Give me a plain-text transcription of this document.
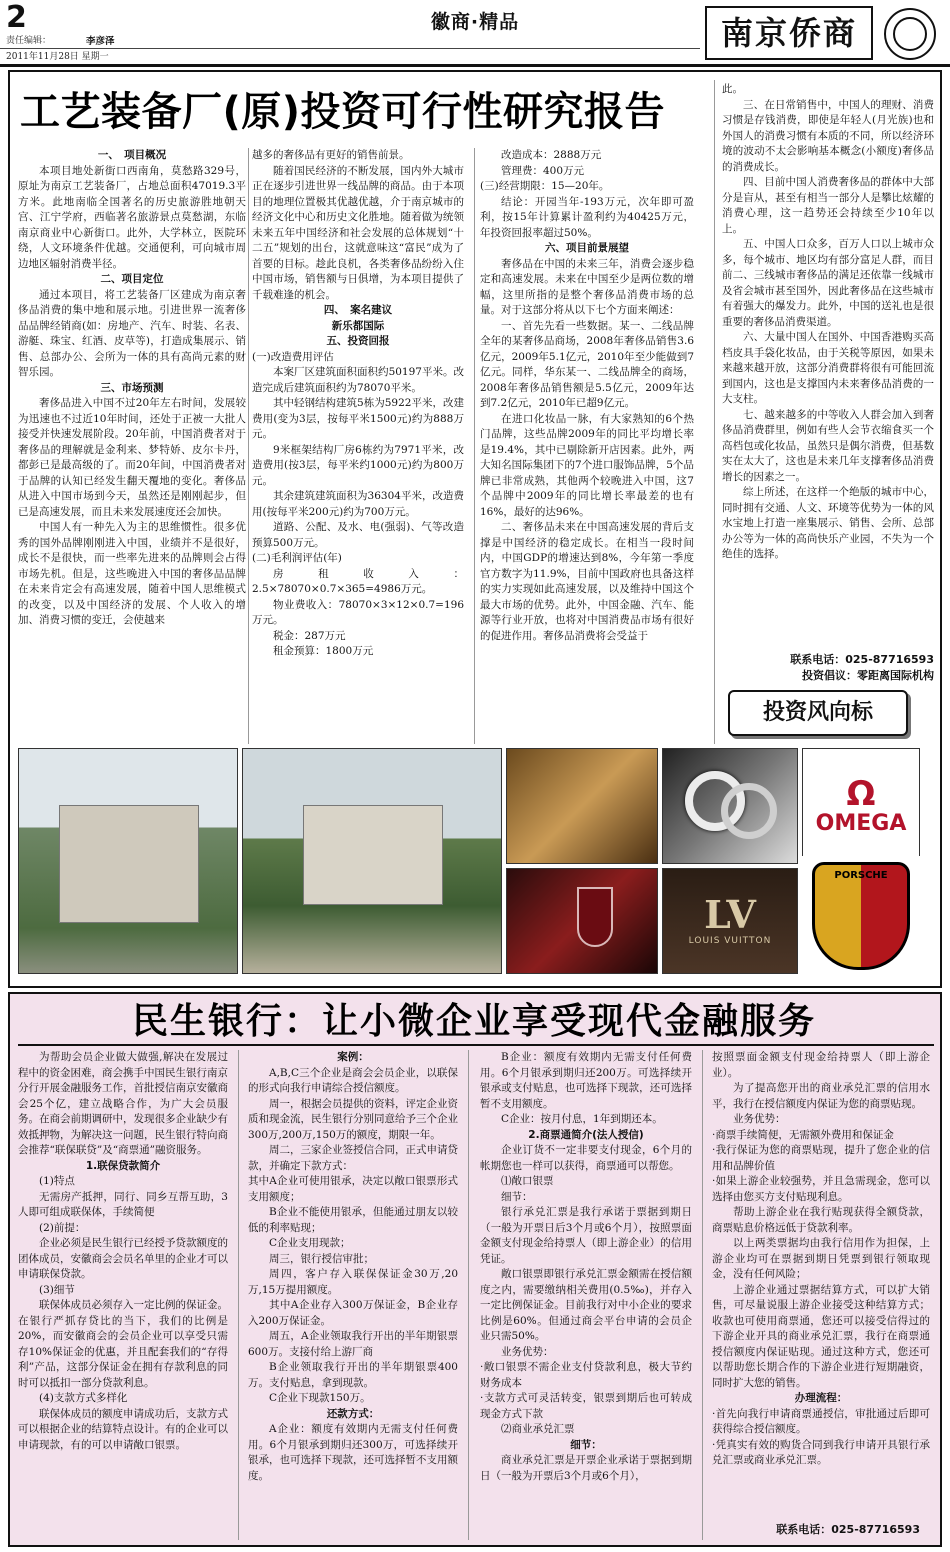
2
责任编辑：	李彦泽
2011年11月28日 星期一
徽商·精品	南京侨商
工艺装备厂(原)投资可行性研究报告

一、　项目概况

本项目地处新街口西南角，莫愁路329号，原址为南京工艺装备厂，占地总面积47019.3平方米。此地南临全国著名的历史旅游胜地朝天宫、江宁学府，西临著名旅游景点莫愁湖，东临南京商业中心新街口。此外，大学林立，医院环绕，人文环境条件优越。交通便利，可向城市周边地区辐射消费半径。

二、项目定位

通过本项目，将工艺装备厂区建成为南京奢侈品消费的集中地和展示地。引进世界一流奢侈品品牌经销商(如：房地产、汽车、时装、名表、游艇、珠宝、红酒、皮草等)，打造成集展示、销售、总部办公、会所为一体的具有高尚元素的财智乐园。

三、市场预测

奢侈品进入中国不过20年左右时间，发展较为迅速也不过近10年时间，还处于正被一大批人接受并快速发展阶段。20年前，中国消费者对于奢侈品的理解就是金利来、梦特娇、皮尔卡丹，都彭已是最高级的了。而20年间，中国消费者对于品牌的认知已经发生翻天覆地的变化。奢侈品从进入中国市场到今天，虽然还是刚刚起步，但已是高速发展，而且未来发展速度还会加快。

中国人有一种先入为主的思维惯性。很多优秀的国外品牌刚刚进入中国，业绩并不是很好，成长不是很快，而一些率先进来的品牌则会占得市场先机。但是，这些晚进入中国的奢侈品品牌在未来肯定会有高速发展，随着中国人思维模式的改变，以及中国经济的发展、个人收入的增加、消费习惯的变迁，会使越来

越多的奢侈品有更好的销售前景。

随着国民经济的不断发展，国内外大城市正在逐步引进世界一线品牌的商品。由于本项目的地理位置极其优越优越，介于南京城市的经济文化中心和历史文化胜地。随着做为统领未来五年中国经济和社会发展的总体规划“十二五”规划的出台，这就意味这“富民”成为了首要的目标。趁此良机，各类奢侈品纷纷入住中国市场，销售额与日俱增，为本项目提供了千载难逢的机会。

四、　案名建议

新乐都国际

五、投资回报

(一)改造费用评估

本案厂区建筑面积面积约50197平米。改造完成后建筑面积约为78070平米。

其中轻钢结构建筑5栋为5922平米，改建费用(变为3层，按每平米1500元)约为888万元。

9米框架结构厂房6栋约为7971平米，改造费用(按3层，每平米约1000元)约为800万元。

其余建筑建筑面积为36304平米，改造费用(按每平米200元)约为700万元。

道路、公配、及水、电(强弱)、气等改造预算500万元。

(二)毛利润评估(年)

房租收入：2.5×78070×0.7×365=4986万元。

物业费收入：78070×3×12×0.7=196万元。

税金：287万元

租金预算：1800万元

改造成本：2888万元

管理费：400万元

(三)经营期限：15—20年。

结论：开园当年-193万元，次年即可盈利，按15年计算累计盈利约为40425万元，年投资回报率超过50%。

六、项目前景展望

奢侈品在中国的未来三年，消费会逐步稳定和高速发展。未来在中国至少是两位数的增幅，这里所指的是整个奢侈品消费市场的总量。对于这部分将从以下七个方面来阐述：

一、首先先看一些数据。某一、二线品牌全年的某奢侈品商场，2008年奢侈品销售3.6亿元，2009年5.1亿元，2010年至少能做到7亿元。同样，华东某一、二线品牌全的商场，2008年奢侈品销售额是5.5亿元，2009年达到7.2亿元，2010年已超9亿元。

在进口化妆品一脉，有大家熟知的6个热门品牌，这些品牌2009年的同比平均增长率是19.4%，其中已剔除新开店因素。此外，两大知名国际集团下的7个进口服饰品牌，5个品牌已非常成熟，其他两个较晚进入中国，这7个品牌中2009年的同比增长率最差的也有16%，最好的达96%。

二、奢侈品未来在中国高速发展的背后支撑是中国经济的稳定成长。在相当一段时间内，中国GDP的增速达到8%，今年第一季度官方数字为11.9%，目前中国政府也具备这样的实力实现如此高速发展，以及维持中国这个最大市场的优势。此外，中国金融、汽车、能源等行业开放，也将对中国消费品市场有很好的促进作用。奢侈品消费将会受益于

此。

三、在日常销售中，中国人的理财、消费习惯是存钱消费，即使是年轻人(月光族)也和外国人的消费习惯有本质的不同，所以经济环境的波动不太会影响基本概念(小额度)奢侈品的消费成长。

四、目前中国人消费奢侈品的群体中大部分是盲从，甚至有相当一部分人是攀比炫耀的消费心理，这一趋势还会持续至少10年以上。

五、中国人口众多，百万人口以上城市众多，每个城市、地区均有部分富足人群，而目前二、三线城市奢侈品的满足还依靠一线城市及省会城市甚至国外，因此奢侈品在这些城市有着强大的爆发力。此外，中国的送礼也是很重要的奢侈品消费渠道。

六、大量中国人在国外、中国香港购买高档皮具手袋化妆品，由于关税等原因，如果未来越来越开放，这部分消费群将很有可能回流到国内，这也是支撑国内未来奢侈品消费的一大支柱。

七、越来越多的中等收入人群会加入到奢侈品消费群里，例如有些人会节衣缩食买一个高档包或化妆品，虽然只是偶尔消费，但基数实在太大了，这也是未来几年支撑奢侈品消费增长的因素之一。

综上所述，在这样一个绝版的城市中心，同时拥有交通、人文、环境等优势为一体的风水宝地上打造一座集展示、销售、会所、总部办公等为一体的高尚快乐产业园，不失为一个绝佳的选择。

联系电话：025-87716593
投资倡议：零距离国际机构
投资风向标
Ω
OMEGA
LV
LOUIS VUITTON
PORSCHE
民生银行：让小微企业享受现代金融服务

为帮助会员企业做大做强,解决在发展过程中的资金困难，商会携手中国民生银行南京分行开展金融服务工作，首批授信南京安徽商会25个亿，建立战略合作，为广大会员服务。在商会前期调研中，发现很多企业缺少有效抵押物，为解决这一问题，民生银行特向商会推荐“联保联贷”及“商票通”融资服务。

1.联保贷款简介

(1)特点

无需房产抵押，同行、同乡互帮互助，3人即可组成联保体，手续简便

(2)前提：

企业必须是民生银行已经授予贷款额度的团体成员，安徽商会会员名单里的企业才可以申请联保贷款。

(3)细节

联保体成员必须存入一定比例的保证金。在银行严抓存贷比的当下，我们的比例是20%，而安徽商会的会员企业可以享受只需存10%保证金的优惠，并且配套我们的“存得利”产品，这部分保证金在拥有存款利息的同时可以抵扣一部分贷款利息。

(4)支款方式多样化

联保体成员的额度申请成功后，支款方式可以根据企业的结算特点设计。有的企业可以申请现款，有的可以申请敞口银票。

案例：

A,B,C三个企业是商会会员企业，以联保的形式向我行申请综合授信额度。

周一，根据会员提供的资料，评定企业资质和现金流，民生银行分别同意给予三个企业300万,200万,150万的额度，期限一年。

周二，三家企业签授信合同，正式申请贷款，并确定下款方式：

其中A企业可使用银承，决定以敞口银票形式支用额度；

B企业不能使用银承，但能通过朋友以较低的利率贴现；

C企业支用现款；

周三，银行授信审批；

周四，客户存入联保保证金30万,20万,15万提用额度。

其中A企业存入300万保证金，B企业存入200万保证金。

周五，A企业领取我行开出的半年期银票600万。支接付给上游厂商

B企业领取我行开出的半年期银票400万。支付贴息，拿到现款。

C企业下现款150万。

还款方式：

A企业：额度有效期内无需支付任何费用。6个月银承到期归还300万，可选择续开银承，也可选择下现款，还可选择暂不支用额度。

B企业：额度有效期内无需支付任何费用。6个月银承到期归还200万。可选择续开银承或支付贴息，也可选择下现款，还可选择暂不支用额度。

C企业：按月付息，1年到期还本。

2.商票通简介(法人授信)

企业订货不一定非要支付现金，6个月的帐期您也一样可以获得，商票通可以帮您。

⑴敞口银票

细节：

银行承兑汇票是我行承诺于票据到期日（一般为开票日后3个月或6个月），按照票面金额支付现金给持票人（即上游企业）的信用凭证。

敞口银票即银行承兑汇票金额需在授信额度之内，需要缴纳相关费用(0.5‰)，并存入一定比例保证金。目前我行对中小企业的要求比例是60%。但通过商会平台申请的会员企业只需50%。

业务优势：

·敞口银票不需企业支付贷款利息，极大节约财务成本

·支款方式可灵活转变，银票到期后也可转成现金方式下款

⑵商业承兑汇票

细节：

商业承兑汇票是开票企业承诺于票据到期日（一般为开票后3个月或6个月），

按照票面金额支付现金给持票人（即上游企业）。

为了提高您开出的商业承兑汇票的信用水平，我行在授信额度内保证为您的商票贴现。

业务优势：

·商票手续简便，无需额外费用和保证金

·我行保证为您的商票贴现，提升了您企业的信用和品牌价值

·如果上游企业较强势，并且急需现金，您可以选择由您买方支付贴现利息。

帮助上游企业在我行贴现获得全额贷款，商票贴息价格远低于贷款利率。

以上两类票据均由我行信用作为担保，上游企业均可在票据到期日凭票到银行领取现金，没有任何风险；

上游企业通过票据结算方式，可以扩大销售，可尽量说服上游企业接受这种结算方式；收款也可使用商票通，您还可以接受信得过的下游企业开具的商业承兑汇票，我行在商票通授信额度内保证贴现。通过这种方式，您还可以帮助您长期合作的下游企业进行短期融资，同时扩大您的销售。

办理流程：

·首先向我行申请商票通授信，审批通过后即可获得综合授信额度。

·凭真实有效的购货合同到我行申请开具银行承兑汇票或商业承兑汇票。

联系电话：025-87716593
